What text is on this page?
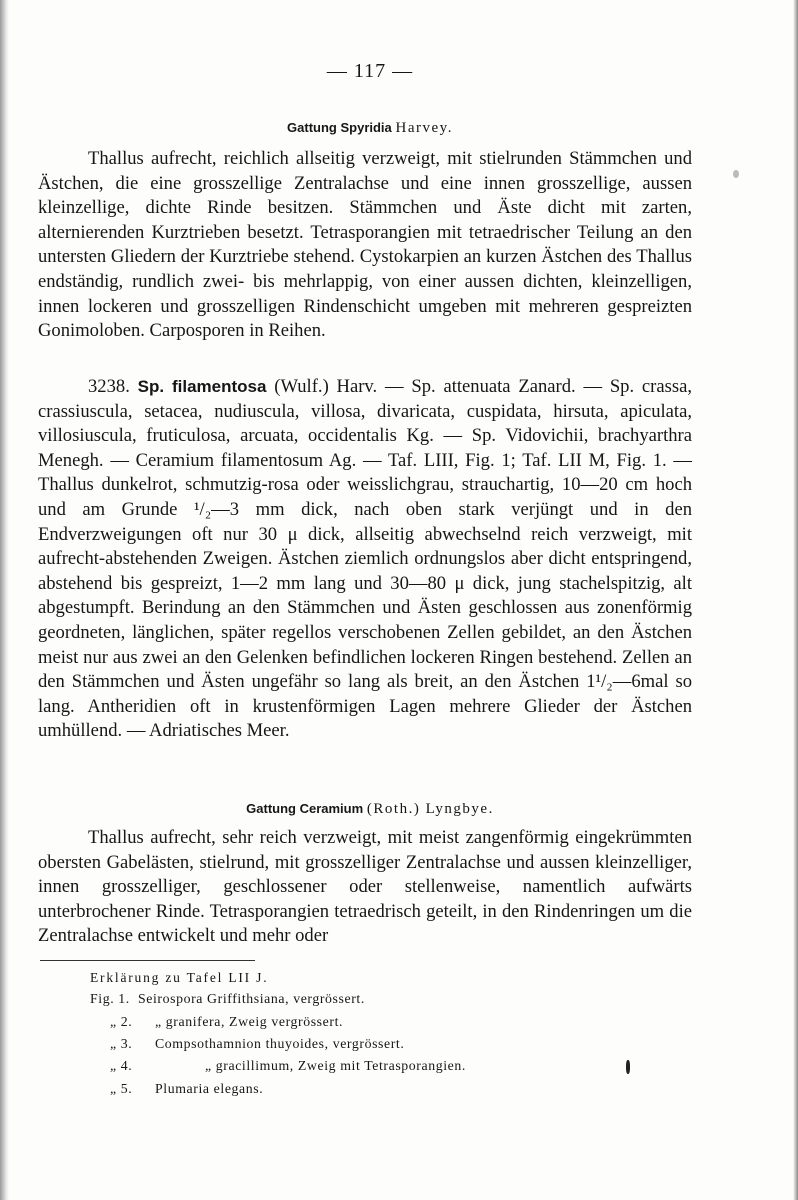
— 117 —
Gattung Spyridia Harvey.

Thallus aufrecht, reichlich allseitig verzweigt, mit stielrunden Stämmchen und Ästchen, die eine grosszellige Zentralachse und eine innen grosszellige, aussen kleinzellige, dichte Rinde besitzen. Stämmchen und Äste dicht mit zarten, alternierenden Kurztrieben besetzt. Tetrasporangien mit tetraedrischer Teilung an den untersten Gliedern der Kurztriebe stehend. Cystokarpien an kurzen Ästchen des Thallus endständig, rundlich zwei- bis mehrlappig, von einer aussen dichten, kleinzelligen, innen lockeren und grosszelligen Rindenschicht umgeben mit mehreren gespreizten Gonimoloben. Carposporen in Reihen.

3238. Sp. filamentosa (Wulf.) Harv. — Sp. attenuata Zanard. — Sp. crassa, crassiuscula, setacea, nudiuscula, villosa, divaricata, cuspidata, hirsuta, apiculata, villosiuscula, fruticulosa, arcuata, occidentalis Kg. — Sp. Vidovichii, brachyarthra Menegh. — Ceramium filamentosum Ag. — Taf. LIII, Fig. 1; Taf. LII M, Fig. 1. — Thallus dunkelrot, schmutzig-rosa oder weisslichgrau, strauchartig, 10—20 cm hoch und am Grunde ¹/₂—3 mm dick, nach oben stark verjüngt und in den Endverzweigungen oft nur 30 μ dick, allseitig abwechselnd reich verzweigt, mit aufrecht-abstehenden Zweigen. Ästchen ziemlich ordnungslos aber dicht entspringend, abstehend bis gespreizt, 1—2 mm lang und 30—80 μ dick, jung stachelspitzig, alt abgestumpft. Berindung an den Stämmchen und Ästen geschlossen aus zonenförmig geordneten, länglichen, später regellos verschobenen Zellen gebildet, an den Ästchen meist nur aus zwei an den Gelenken befindlichen lockeren Ringen bestehend. Zellen an den Stämmchen und Ästen ungefähr so lang als breit, an den Ästchen 1¹/₂—6mal so lang. Antheridien oft in krustenförmigen Lagen mehrere Glieder der Ästchen umhüllend. — Adriatisches Meer.

Gattung Ceramium (Roth.) Lyngbye.

Thallus aufrecht, sehr reich verzweigt, mit meist zangenförmig eingekrümmten obersten Gabelästen, stielrund, mit grosszelliger Zentralachse und aussen kleinzelliger, innen grosszelliger, geschlossener oder stellenweise, namentlich aufwärts unterbrochener Rinde. Tetrasporangien tetraedrisch geteilt, in den Rindenringen um die Zentralachse entwickelt und mehr oder

Erklärung zu Tafel LII J.
Fig. 1. Seirospora Griffithsiana, vergrössert.
„ 2. „ granifera, Zweig vergrössert.
„ 3. Compsothamnion thuyoides, vergrössert.
„ 4.	„ gracillimum, Zweig mit Tetrasporangien.
„ 5. Plumaria elegans.
